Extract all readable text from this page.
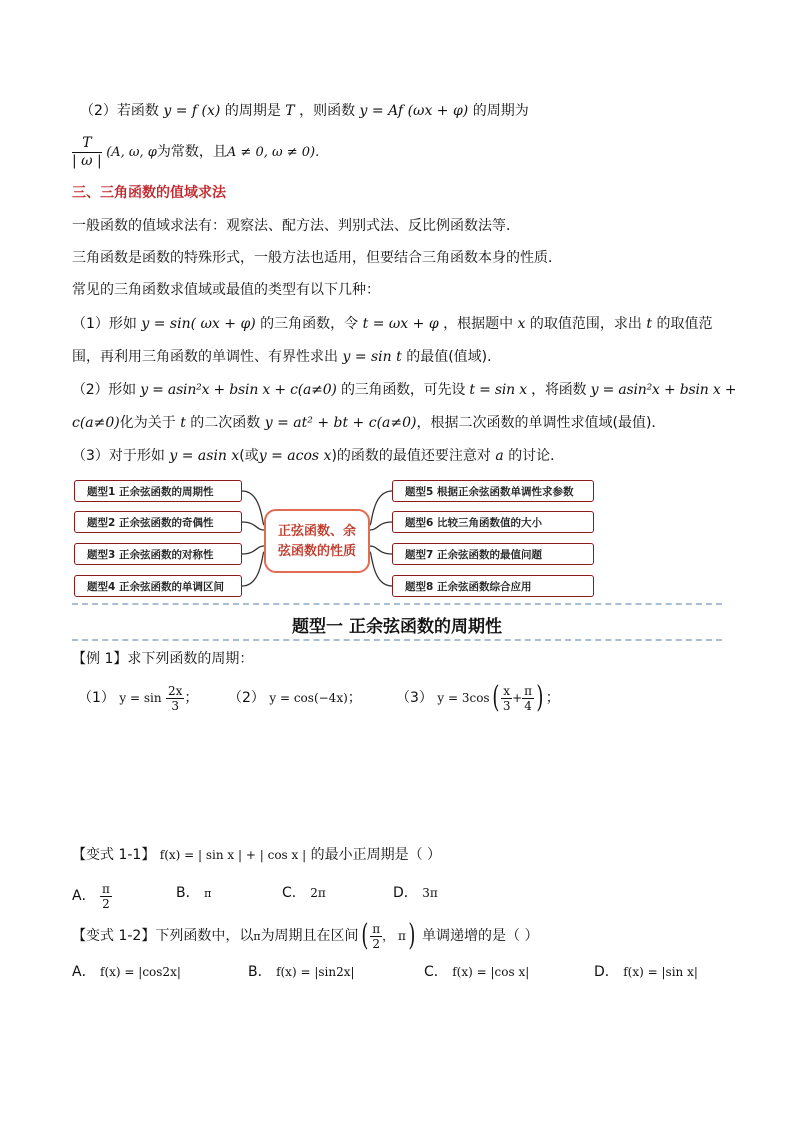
（2）若函数 y = f (x) 的周期是 T ，则函数 y = Af (ωx + φ) 的周期为
$\frac{T}{| \omega |} (A$, ω, φ为常数，且A ≠ 0, ω ≠ 0).
三、三角函数的值域求法
一般函数的值域求法有：观察法、配方法、判别式法、反比例函数法等．
三角函数是函数的特殊形式，一般方法也适用，但要结合三角函数本身的性质．
常见的三角函数求值域或最值的类型有以下几种：
（1）形如 y = sin( ωx + φ) 的三角函数，令 t = ωx + φ ，根据题中 x 的取值范围，求出 t 的取值范
围，再利用三角函数的单调性、有界性求出 y = sin t 的最值(值域)．
（2）形如 y = asin²x + bsin x + c(a≠0) 的三角函数，可先设 t = sin x ，将函数 y = asin²x + bsin x +
c(a≠0)化为关于 t 的二次函数 y = at² + bt + c(a≠0)，根据二次函数的单调性求值域(最值)．
（3）对于形如 y = asin x(或y = acos x)的函数的最值还要注意对 a 的讨论．
题型1 正余弦函数的周期性
题型2 正余弦函数的奇偶性
题型3 正余弦函数的对称性
题型4 正余弦函数的单调区间
正弦函数、余
弦函数的性质
题型5 根据正余弦函数单调性求参数
题型6 比较三角函数值的大小
题型7 正余弦函数的最值问题
题型8 正余弦函数综合应用
题型一 正余弦函数的周期性
【例 1】求下列函数的周期：
（1） $y = \sin \frac{2x}{3}$ ； （2） y = cos(−4x)； （3） $y = 3\cos( \frac{x}{3} + \frac{\pi}{4}$ ) ；
【变式 1-1】 f(x) = | sin x | + | cos x | 的最小正周期是（ ）
A． $\frac{\pi}{2}$	B． π	C． 2π	D． 3π
【变式 1-2】下列函数中，以π为周期且在区间( $\frac{\pi}{2}$ ， π) 单调递增的是（ ）
A． f(x) = |cos2x|	B． f(x) = |sin2x|	C． f(x) = |cos x|	D． f(x) = |sin x|
